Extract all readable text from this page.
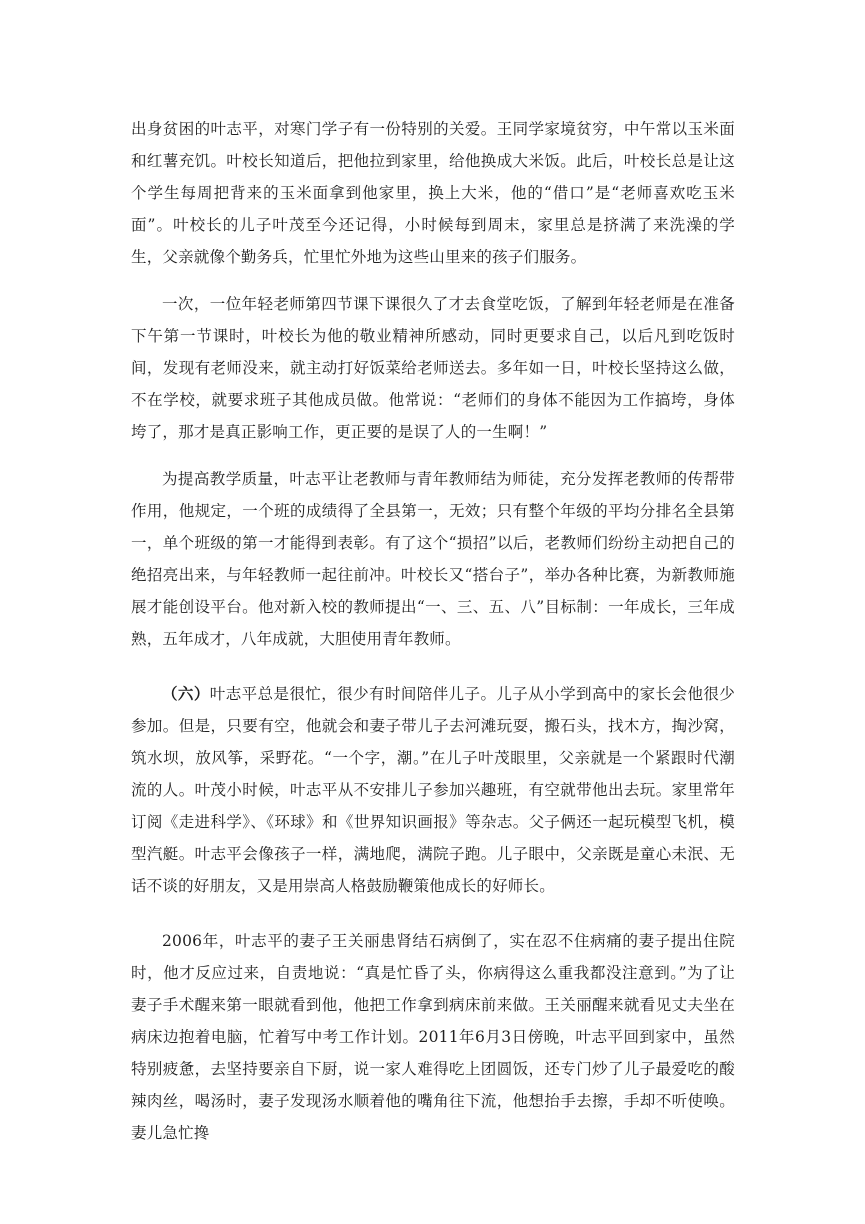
出身贫困的叶志平，对寒门学子有一份特别的关爱。王同学家境贫穷，中午常以玉米面和红薯充饥。叶校长知道后，把他拉到家里，给他换成大米饭。此后，叶校长总是让这个学生每周把背来的玉米面拿到他家里，换上大米，他的“借口”是“老师喜欢吃玉米面”。叶校长的儿子叶茂至今还记得，小时候每到周末，家里总是挤满了来洗澡的学生，父亲就像个勤务兵，忙里忙外地为这些山里来的孩子们服务。

一次，一位年轻老师第四节课下课很久了才去食堂吃饭，了解到年轻老师是在准备下午第一节课时，叶校长为他的敬业精神所感动，同时更要求自己，以后凡到吃饭时间，发现有老师没来，就主动打好饭菜给老师送去。多年如一日，叶校长坚持这么做，不在学校，就要求班子其他成员做。他常说：“老师们的身体不能因为工作搞垮，身体垮了，那才是真正影响工作，更正要的是误了人的一生啊！”

为提高教学质量，叶志平让老教师与青年教师结为师徒，充分发挥老教师的传帮带作用，他规定，一个班的成绩得了全县第一，无效；只有整个年级的平均分排名全县第一，单个班级的第一才能得到表彰。有了这个“损招”以后，老教师们纷纷主动把自己的绝招亮出来，与年轻教师一起往前冲。叶校长又“搭台子”，举办各种比赛，为新教师施展才能创设平台。他对新入校的教师提出“一、三、五、八”目标制：一年成长，三年成熟，五年成才，八年成就，大胆使用青年教师。

（六）叶志平总是很忙，很少有时间陪伴儿子。儿子从小学到高中的家长会他很少参加。但是，只要有空，他就会和妻子带儿子去河滩玩耍，搬石头，找木方，掏沙窝，筑水坝，放风筝，采野花。“一个字，潮。”在儿子叶茂眼里，父亲就是一个紧跟时代潮流的人。叶茂小时候，叶志平从不安排儿子参加兴趣班，有空就带他出去玩。家里常年订阅《走进科学》、《环球》和《世界知识画报》等杂志。父子俩还一起玩模型飞机，模型汽艇。叶志平会像孩子一样，满地爬，满院子跑。儿子眼中，父亲既是童心未泯、无话不谈的好朋友，又是用崇高人格鼓励鞭策他成长的好师长。

2006年，叶志平的妻子王关丽患肾结石病倒了，实在忍不住病痛的妻子提出住院时，他才反应过来，自责地说：“真是忙昏了头，你病得这么重我都没注意到。”为了让妻子手术醒来第一眼就看到他，他把工作拿到病床前来做。王关丽醒来就看见丈夫坐在病床边抱着电脑，忙着写中考工作计划。2011年6月3日傍晚，叶志平回到家中，虽然特别疲惫，去坚持要亲自下厨，说一家人难得吃上团圆饭，还专门炒了儿子最爱吃的酸辣肉丝，喝汤时，妻子发现汤水顺着他的嘴角往下流，他想抬手去擦，手却不听使唤。妻儿急忙搀
